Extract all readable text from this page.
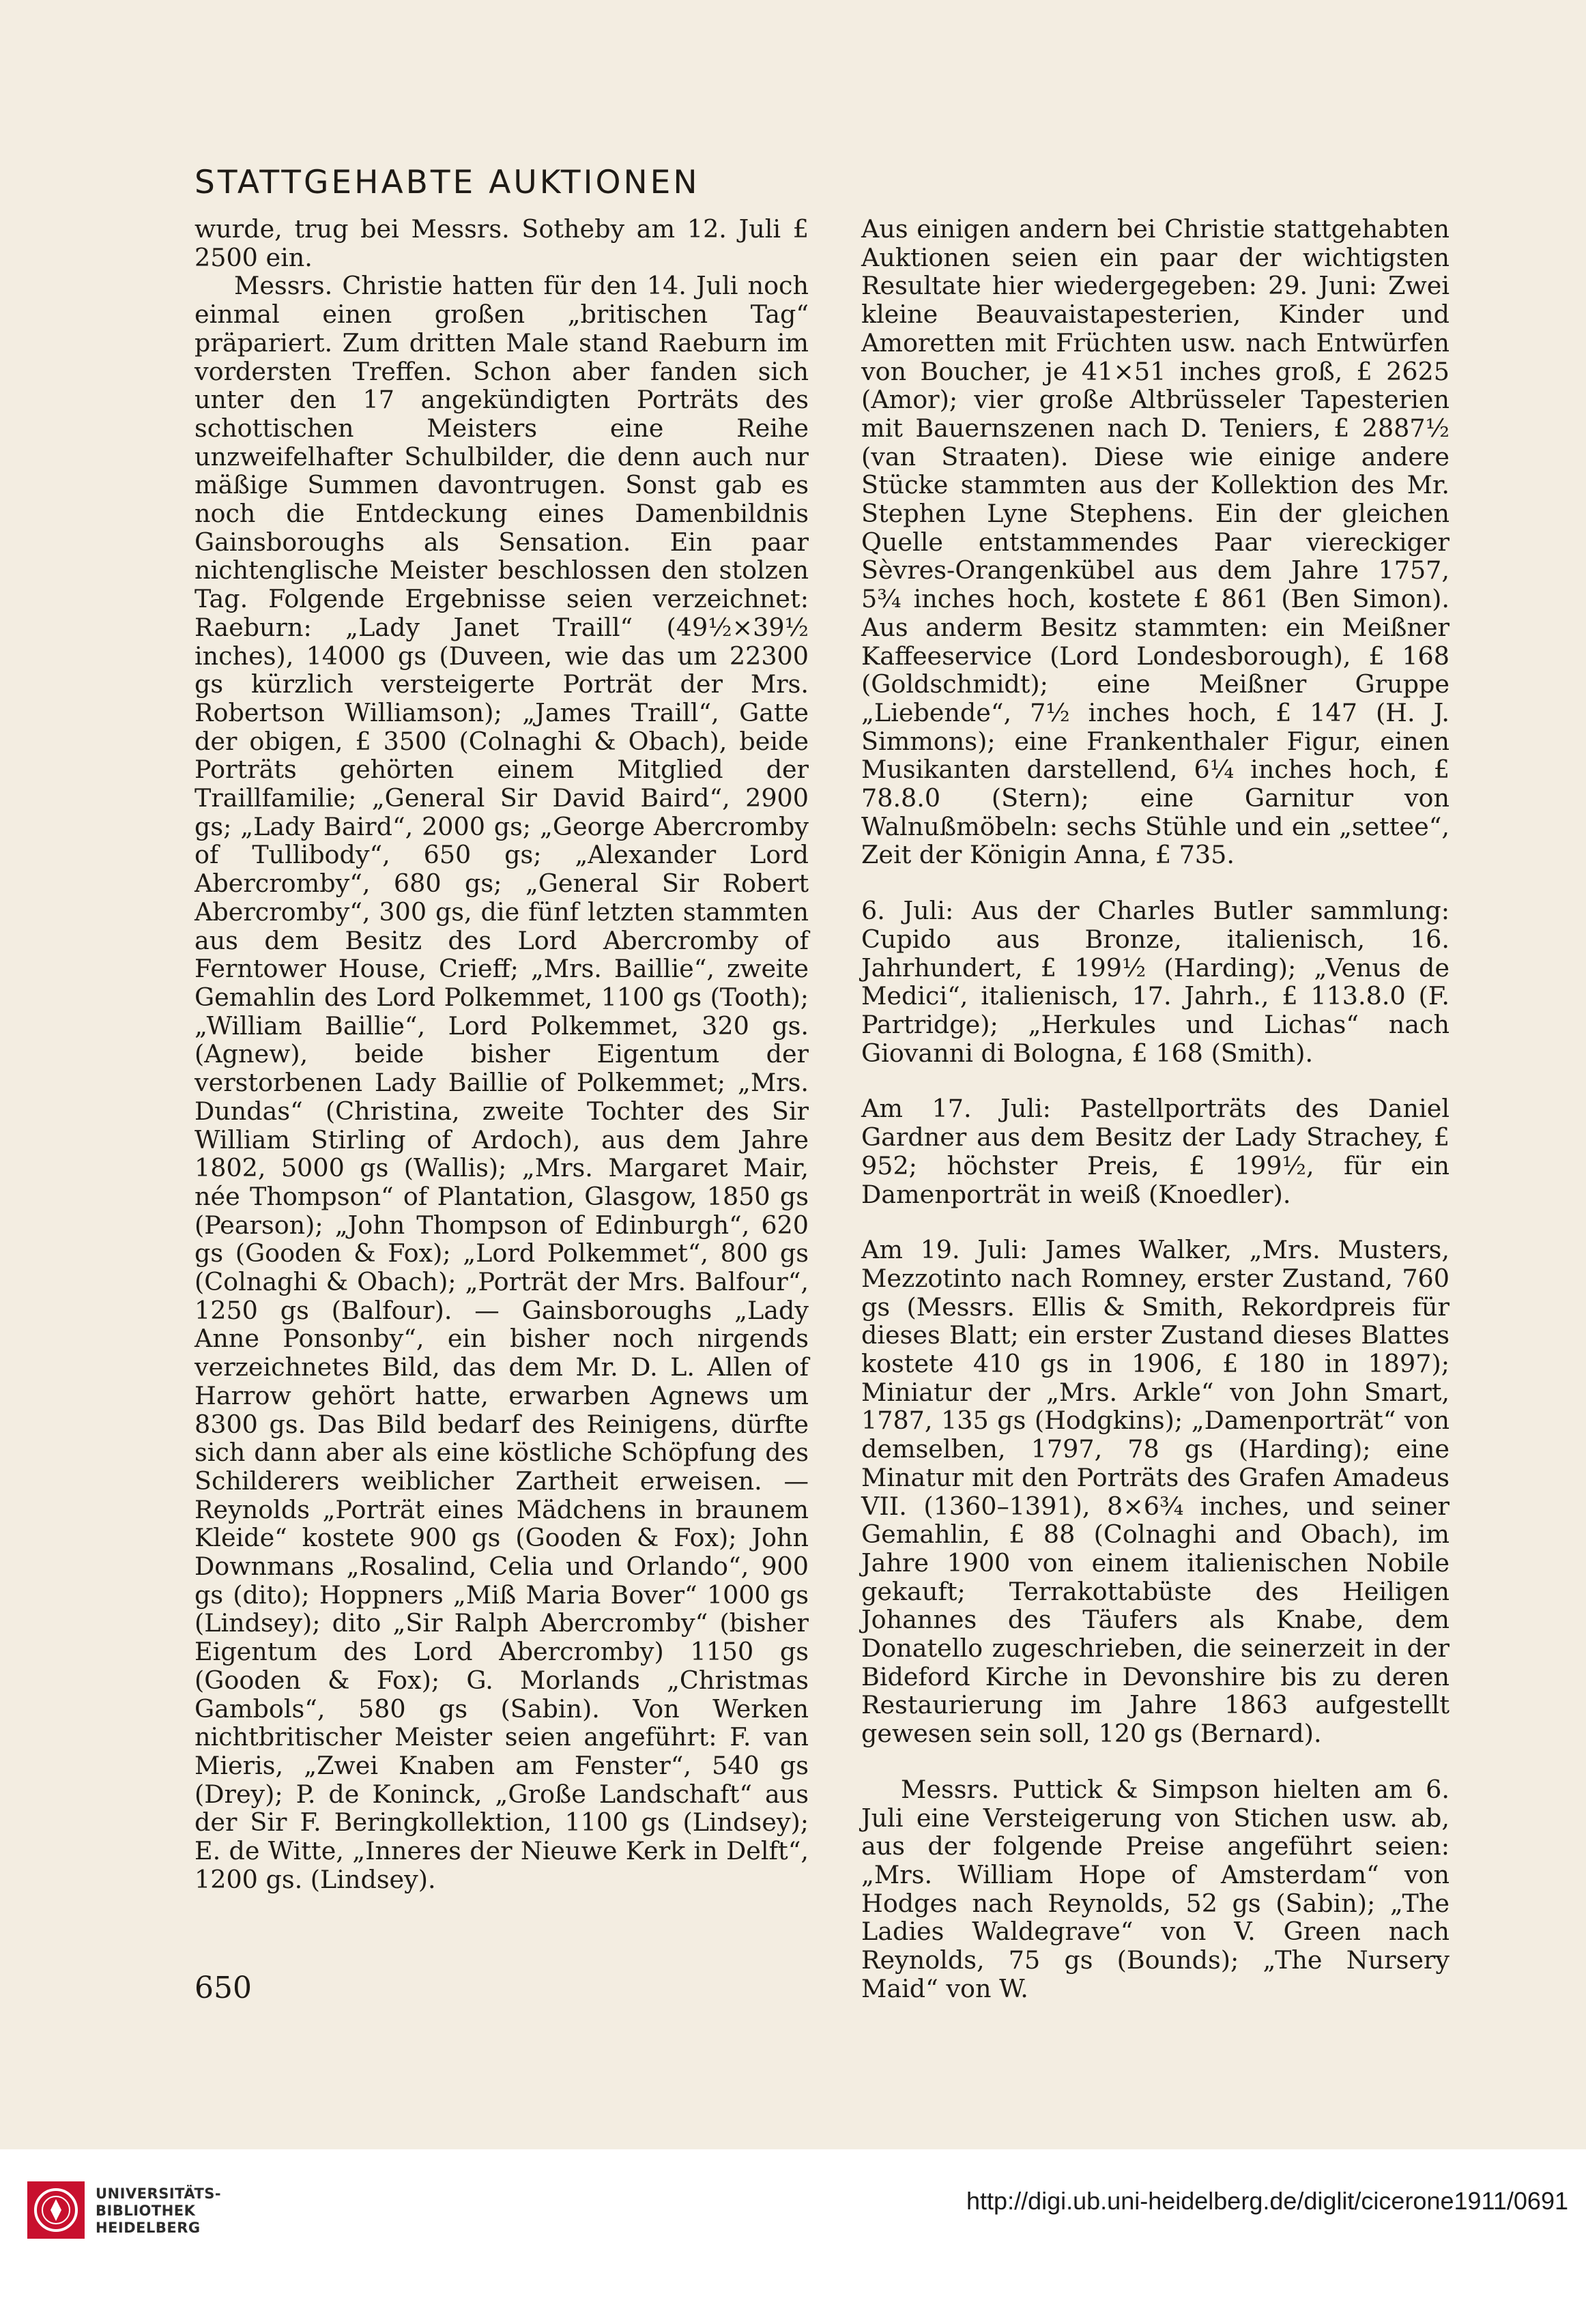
STATTGEHABTE AUKTIONEN

wurde, trug bei Messrs. Sotheby am 12. Juli £ 2500 ein.

Messrs. Christie hatten für den 14. Juli noch einmal einen großen „britischen Tag“ präpariert. Zum dritten Male stand Raeburn im vordersten Treffen. Schon aber fanden sich unter den 17 angekündigten Porträts des schottischen Meisters eine Reihe unzweifelhafter Schulbilder, die denn auch nur mäßige Summen davontrugen. Sonst gab es noch die Entdeckung eines Damenbildnis Gainsboroughs als Sensation. Ein paar nichtenglische Meister beschlossen den stolzen Tag. Folgende Ergebnisse seien verzeichnet: Raeburn: „Lady Janet Traill“ (49½×39½ inches), 14000 gs (Duveen, wie das um 22300 gs kürzlich versteigerte Porträt der Mrs. Robertson Williamson); „James Traill“, Gatte der obigen, £ 3500 (Colnaghi & Obach), beide Porträts gehörten einem Mitglied der Traillfamilie; „General Sir David Baird“, 2900 gs; „Lady Baird“, 2000 gs; „George Abercromby of Tullibody“, 650 gs; „Alexander Lord Abercromby“, 680 gs; „General Sir Robert Abercromby“, 300 gs, die fünf letzten stammten aus dem Besitz des Lord Abercromby of Ferntower House, Crieff; „Mrs. Baillie“, zweite Gemahlin des Lord Polkemmet, 1100 gs (Tooth); „William Baillie“, Lord Polkemmet, 320 gs. (Agnew), beide bisher Eigentum der verstorbenen Lady Baillie of Polkemmet; „Mrs. Dundas“ (Christina, zweite Tochter des Sir William Stirling of Ardoch), aus dem Jahre 1802, 5000 gs (Wallis); „Mrs. Margaret Mair, née Thompson“ of Plantation, Glasgow, 1850 gs (Pearson); „John Thompson of Edinburgh“, 620 gs (Gooden & Fox); „Lord Polkemmet“, 800 gs (Colnaghi & Obach); „Porträt der Mrs. Balfour“, 1250 gs (Balfour). — Gainsboroughs „Lady Anne Ponsonby“, ein bisher noch nirgends verzeichnetes Bild, das dem Mr. D. L. Allen of Harrow gehört hatte, erwarben Agnews um 8300 gs. Das Bild bedarf des Reinigens, dürfte sich dann aber als eine köstliche Schöpfung des Schilderers weiblicher Zartheit erweisen. — Reynolds „Porträt eines Mädchens in braunem Kleide“ kostete 900 gs (Gooden & Fox); John Downmans „Rosalind, Celia und Orlando“, 900 gs (dito); Hoppners „Miß Maria Bover“ 1000 gs (Lindsey); dito „Sir Ralph Abercromby“ (bisher Eigentum des Lord Abercromby) 1150 gs (Gooden & Fox); G. Morlands „Christmas Gambols“, 580 gs (Sabin). Von Werken nichtbritischer Meister seien angeführt: F. van Mieris, „Zwei Knaben am Fenster“, 540 gs (Drey); P. de Koninck, „Große Landschaft“ aus der Sir F. Beringkollektion, 1100 gs (Lindsey); E. de Witte, „Inneres der Nieuwe Kerk in Delft“, 1200 gs. (Lindsey).

Aus einigen andern bei Christie stattgehabten Auktionen seien ein paar der wichtigsten Resultate hier wiedergegeben: 29. Juni: Zwei kleine Beauvaistapesterien, Kinder und Amoretten mit Früchten usw. nach Entwürfen von Boucher, je 41×51 inches groß, £ 2625 (Amor); vier große Altbrüsseler Tapesterien mit Bauernszenen nach D. Teniers, £ 2887½ (van Straaten). Diese wie einige andere Stücke stammten aus der Kollektion des Mr. Stephen Lyne Stephens. Ein der gleichen Quelle entstammendes Paar viereckiger Sèvres-Orangenkübel aus dem Jahre 1757, 5¾ inches hoch, kostete £ 861 (Ben Simon). Aus anderm Besitz stammten: ein Meißner Kaffeeservice (Lord Londesborough), £ 168 (Goldschmidt); eine Meißner Gruppe „Liebende“, 7½ inches hoch, £ 147 (H. J. Simmons); eine Frankenthaler Figur, einen Musikanten darstellend, 6¼ inches hoch, £ 78.8.0 (Stern); eine Garnitur von Walnußmöbeln: sechs Stühle und ein „settee“, Zeit der Königin Anna, £ 735.

6. Juli: Aus der Charles Butler sammlung: Cupido aus Bronze, italienisch, 16. Jahrhundert, £ 199½ (Harding); „Venus de Medici“, italienisch, 17. Jahrh., £ 113.8.0 (F. Partridge); „Herkules und Lichas“ nach Giovanni di Bologna, £ 168 (Smith).

Am 17. Juli: Pastellporträts des Daniel Gardner aus dem Besitz der Lady Strachey, £ 952; höchster Preis, £ 199½, für ein Damenporträt in weiß (Knoedler).

Am 19. Juli: James Walker, „Mrs. Musters, Mezzotinto nach Romney, erster Zustand, 760 gs (Messrs. Ellis & Smith, Rekordpreis für dieses Blatt; ein erster Zustand dieses Blattes kostete 410 gs in 1906, £ 180 in 1897); Miniatur der „Mrs. Arkle“ von John Smart, 1787, 135 gs (Hodgkins); „Damenporträt“ von demselben, 1797, 78 gs (Harding); eine Minatur mit den Porträts des Grafen Amadeus VII. (1360–1391), 8×6¾ inches, und seiner Gemahlin, £ 88 (Colnaghi and Obach), im Jahre 1900 von einem italienischen Nobile gekauft; Terrakottabüste des Heiligen Johannes des Täufers als Knabe, dem Donatello zugeschrieben, die seinerzeit in der Bideford Kirche in Devonshire bis zu deren Restaurierung im Jahre 1863 aufgestellt gewesen sein soll, 120 gs (Bernard).

Messrs. Puttick & Simpson hielten am 6. Juli eine Versteigerung von Stichen usw. ab, aus der folgende Preise angeführt seien: „Mrs. William Hope of Amsterdam“ von Hodges nach Reynolds, 52 gs (Sabin); „The Ladies Waldegrave“ von V. Green nach Reynolds, 75 gs (Bounds); „The Nursery Maid“ von W.

650
UNIVERSITÄTS-
BIBLIOTHEK
HEIDELBERG
http://digi.ub.uni-heidelberg.de/diglit/cicerone1911/0691
